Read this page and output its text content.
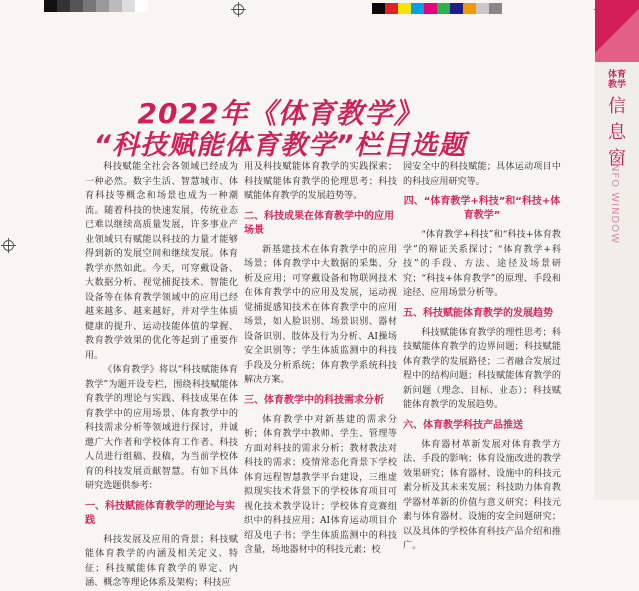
2022年《体育教学》
“科技赋能体育教学”栏目选题
体育
教学
信
息
窗
INFO WINDOW

科技赋能全社会各领域已经成为一种必然。数字生活、智慧城市、体育科技等概念和场景也成为一种潮流。随着科技的快速发展，传统业态已难以继续高质量发展，许多事业产业领域只有赋能以科技的力量才能够得到新的发展空间和继续发展。体育教学亦然如此。今天，可穿戴设备、大数据分析、视觉捕捉技术、智能化设备等在体育教学领域中的应用已经越来越多、越来越好，并对学生体质健康的提升、运动技能体值的掌握、教育教学效果的优化等起到了重要作用。

《体育教学》将以“科技赋能体育教学”为题开设专栏，围绕科技赋能体育教学的理论与实践、科技成果在体育教学中的应用场景、体育教学中的科技需求分析等领域进行探讨，并诚邀广大作者和学校体育工作者、科技人员进行组稿、投稿，为当前学校体育的科技发展贡献智慧。有如下具体研究选题供参考：

一、科技赋能体育教学的理论与实践

科技发展及应用的背景；科技赋能体育教学的内涵及相关定义、特征；科技赋能体育教学的界定、内涵、概念等理论体系及架构；科技应

用及科技赋能体育教学的实践探索；科技赋能体育教学的伦理思考；科技赋能体育教学的发展趋势等。

二、科技成果在体育教学中的应用场景

新基建技术在体育教学中的应用场景；体育教学中大数据的采集、分析及应用；可穿戴设备和物联网技术在体育教学中的应用及发展，运动视觉捕捉感知技术在体育教学中的应用场景，如人脸识别、场景识别、器材设备识别、肢体及行为分析、AI操场安全识别等；学生体质监测中的科技手段及分析系统；体育教学系统科技解决方案。

三、体育教学中的科技需求分析

体育教学中对新基建的需求分析；体育教学中教师、学生、管理等方面对科技的需求分析；教材教法对科技的需求；疫情常态化背景下学校体育远程智慧教学平台建设，三维虚拟现实技术背景下的学校体育项目可视化技术教学设计；学校体育竞赛组织中的科技应用；AI体育运动项目介绍及电子书；学生体质监测中的科技含量，场地器材中的科技元素；校

园安全中的科技赋能；具体运动项目中的科技应用研究等。

四、“体育教学+科技”和“科技+体育教学”

“体育教学+科技”和“科技+体育教学”的辩证关系探讨；“体育教学+科技”的手段、方法、途径及场景研究；“科技+体育教学”的原理、手段和途径、应用场景分析等。

五、科技赋能体育教学的发展趋势

科技赋能体育教学的理性思考；科技赋能体育教学的边界问题；科技赋能体育教学的发展路径；二者融合发展过程中的结构问题；科技赋能体育教学的新问题（理念、目标、业态）；科技赋能体育教学的发展趋势。

六、体育教学科技产品推送

体育器材革新发展对体育教学方法、手段的影响；体育设施改进的教学效果研究；体育器材、设施中的科技元素分析及其未来发展；科技助力体育教学器材革新的价值与意义研究；科技元素与体育器材、设施的安全问题研究；以及具体的学校体育科技产品介绍和推广。
